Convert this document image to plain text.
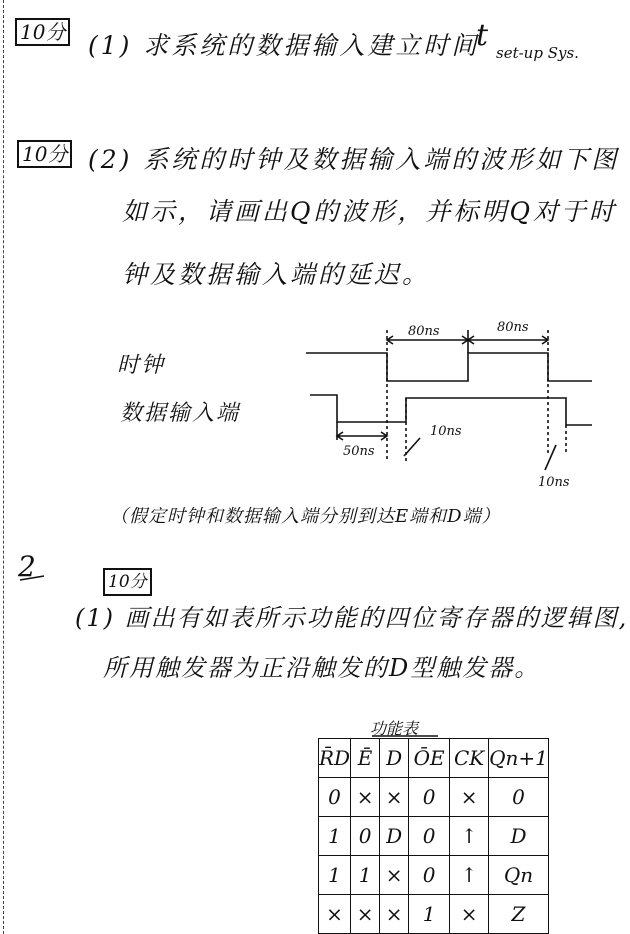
10分 (1) 求系统的数据输入建立时间
t set-up Sys.
10分 (2) 系统的时钟及数据输入端的波形如下图
如示，请画出Q的波形，并标明Q对于时
钟及数据输入端的延迟。
时钟
数据输入端
80ns	80ns
50ns
10ns
10ns
（假定时钟和数据输入端分别到达E端和D端）
2	10分
(1) 画出有如表所示功能的四位寄存器的逻辑图,
所用触发器为正沿触发的D型触发器。
功能表
R̄D	Ē	D	ŌE	CK	Qn+1
0	×	×	0	×	0
1	0	D	0	↑	D
1	1	×	0	↑	Qn
×	×	×	1	×	Z
